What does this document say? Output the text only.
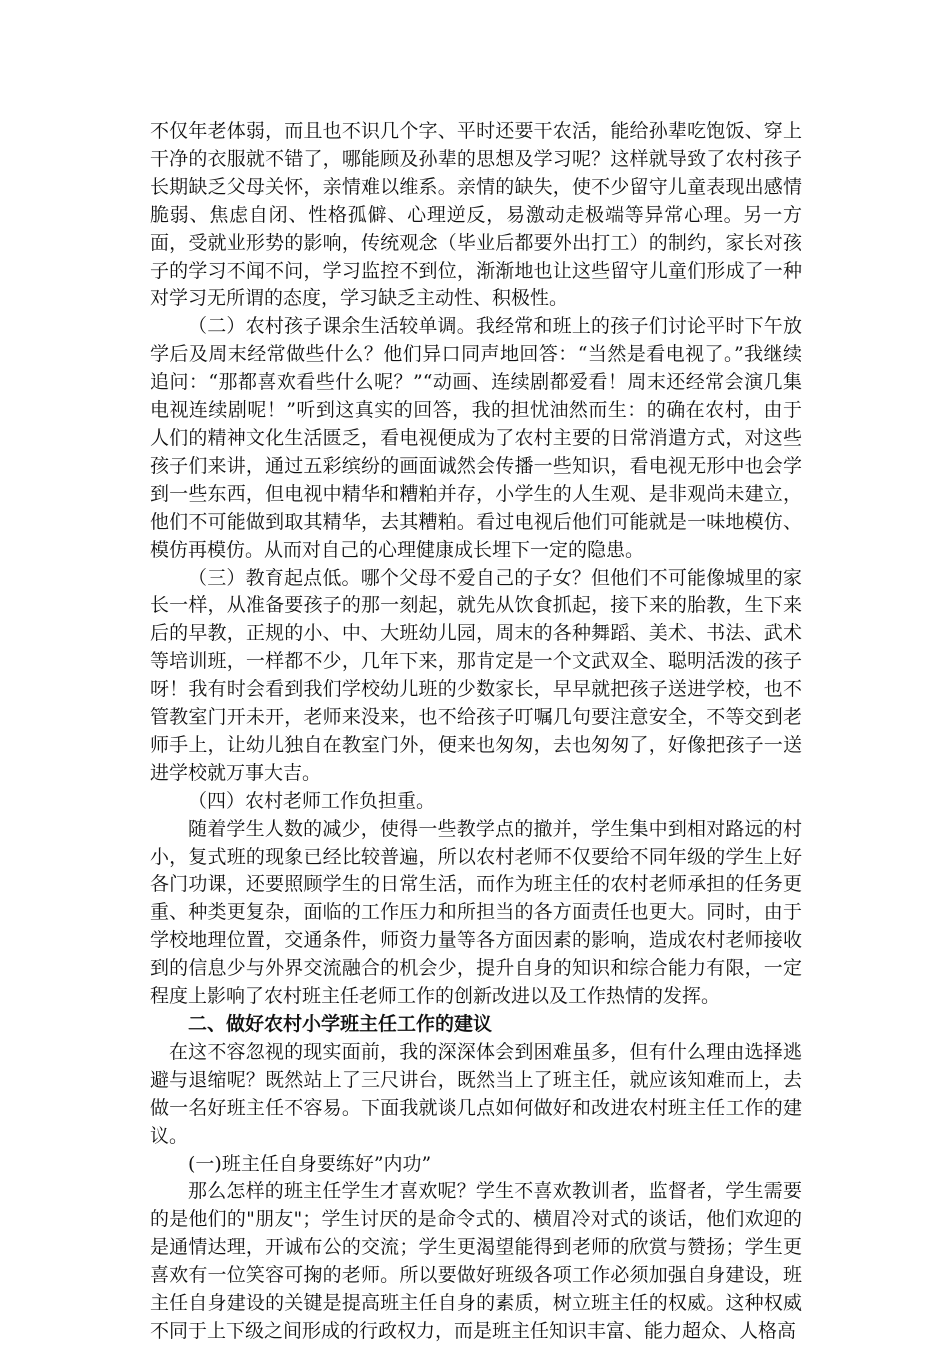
不仅年老体弱，而且也不识几个字、平时还要干农活，能给孙辈吃饱饭、穿上干净的衣服就不错了，哪能顾及孙辈的思想及学习呢？这样就导致了农村孩子长期缺乏父母关怀，亲情难以维系。亲情的缺失，使不少留守儿童表现出感情脆弱、焦虑自闭、性格孤僻、心理逆反，易激动走极端等异常心理。另一方面，受就业形势的影响，传统观念（毕业后都要外出打工）的制约，家长对孩子的学习不闻不问，学习监控不到位，渐渐地也让这些留守儿童们形成了一种对学习无所谓的态度，学习缺乏主动性、积极性。

（二）农村孩子课余生活较单调。我经常和班上的孩子们讨论平时下午放学后及周末经常做些什么？他们异口同声地回答：“当然是看电视了。”我继续追问：“那都喜欢看些什么呢？”“动画、连续剧都爱看！周末还经常会演几集电视连续剧呢！”听到这真实的回答，我的担忧油然而生：的确在农村，由于人们的精神文化生活匮乏，看电视便成为了农村主要的日常消遣方式，对这些孩子们来讲，通过五彩缤纷的画面诚然会传播一些知识，看电视无形中也会学到一些东西，但电视中精华和糟粕并存，小学生的人生观、是非观尚未建立，他们不可能做到取其精华，去其糟粕。看过电视后他们可能就是一味地模仿、模仿再模仿。从而对自己的心理健康成长埋下一定的隐患。

（三）教育起点低。哪个父母不爱自己的子女？但他们不可能像城里的家长一样，从准备要孩子的那一刻起，就先从饮食抓起，接下来的胎教，生下来后的早教，正规的小、中、大班幼儿园，周末的各种舞蹈、美术、书法、武术等培训班，一样都不少，几年下来，那肯定是一个文武双全、聪明活泼的孩子呀！我有时会看到我们学校幼儿班的少数家长，早早就把孩子送进学校，也不管教室门开未开，老师来没来，也不给孩子叮嘱几句要注意安全，不等交到老师手上，让幼儿独自在教室门外，便来也匆匆，去也匆匆了，好像把孩子一送进学校就万事大吉。

（四）农村老师工作负担重。

随着学生人数的减少，使得一些教学点的撤并，学生集中到相对路远的村小，复式班的现象已经比较普遍，所以农村老师不仅要给不同年级的学生上好各门功课，还要照顾学生的日常生活，而作为班主任的农村老师承担的任务更重、种类更复杂，面临的工作压力和所担当的各方面责任也更大。同时，由于学校地理位置，交通条件，师资力量等各方面因素的影响，造成农村老师接收到的信息少与外界交流融合的机会少，提升自身的知识和综合能力有限，一定程度上影响了农村班主任老师工作的创新改进以及工作热情的发挥。

二、做好农村小学班主任工作的建议

在这不容忽视的现实面前，我的深深体会到困难虽多，但有什么理由选择逃避与退缩呢？既然站上了三尺讲台，既然当上了班主任，就应该知难而上，去做一名好班主任不容易。下面我就谈几点如何做好和改进农村班主任工作的建议。

(一)班主任自身要练好”内功”

那么怎样的班主任学生才喜欢呢？学生不喜欢教训者，监督者，学生需要的是他们的"朋友"；学生讨厌的是命令式的、横眉冷对式的谈话，他们欢迎的是通情达理，开诚布公的交流；学生更渴望能得到老师的欣赏与赞扬；学生更喜欢有一位笑容可掬的老师。所以要做好班级各项工作必须加强自身建设，班主任自身建设的关键是提高班主任自身的素质，树立班主任的权威。这种权威不同于上下级之间形成的行政权力，而是班主任知识丰富、能力超众、人格高
